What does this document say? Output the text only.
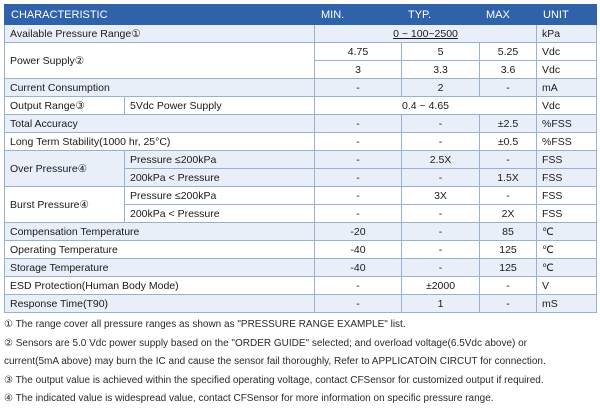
CHARACTERISTIC		MIN.	TYP.	MAX	UNIT
Available Pressure Range①		0 ~ 100~2500			kPa
Power Supply②		4.75	5	5.25	Vdc
		3	3.3	3.6	Vdc
Current Consumption		-	2	-	mA
Output Range③	5Vdc Power Supply	0.4 ~ 4.65			Vdc
Total Accuracy		-	-	±2.5	%FSS
Long Term Stability(1000 hr, 25°C)		-	-	±0.5	%FSS
Over Pressure④	Pressure ≤200kPa	-	2.5X	-	FSS
	200kPa < Pressure	-	-	1.5X	FSS
Burst Pressure④	Pressure ≤200kPa	-	3X	-	FSS
	200kPa < Pressure	-	-	2X	FSS
Compensation Temperature		-20	-	85	℃
Operating Temperature		-40	-	125	℃
Storage Temperature		-40	-	125	℃
ESD Protection(Human Body Mode)		-	±2000	-	V
Response Time(T90)		-	1	-	mS

① The range cover all pressure ranges as shown as "PRESSURE RANGE EXAMPLE" list.

② Sensors are 5.0 Vdc power supply based on the "ORDER GUIDE" selected; and overload voltage(6.5Vdc above) or

current(5mA above) may burn the IC and cause the sensor fail thoroughly, Refer to APPLICATOIN CIRCUT for connection.

③ The output value is achieved within the specified operating voltage, contact CFSensor for customized output if required.

④ The indicated value is widespread value, contact CFSensor for more information on specific pressure range.
